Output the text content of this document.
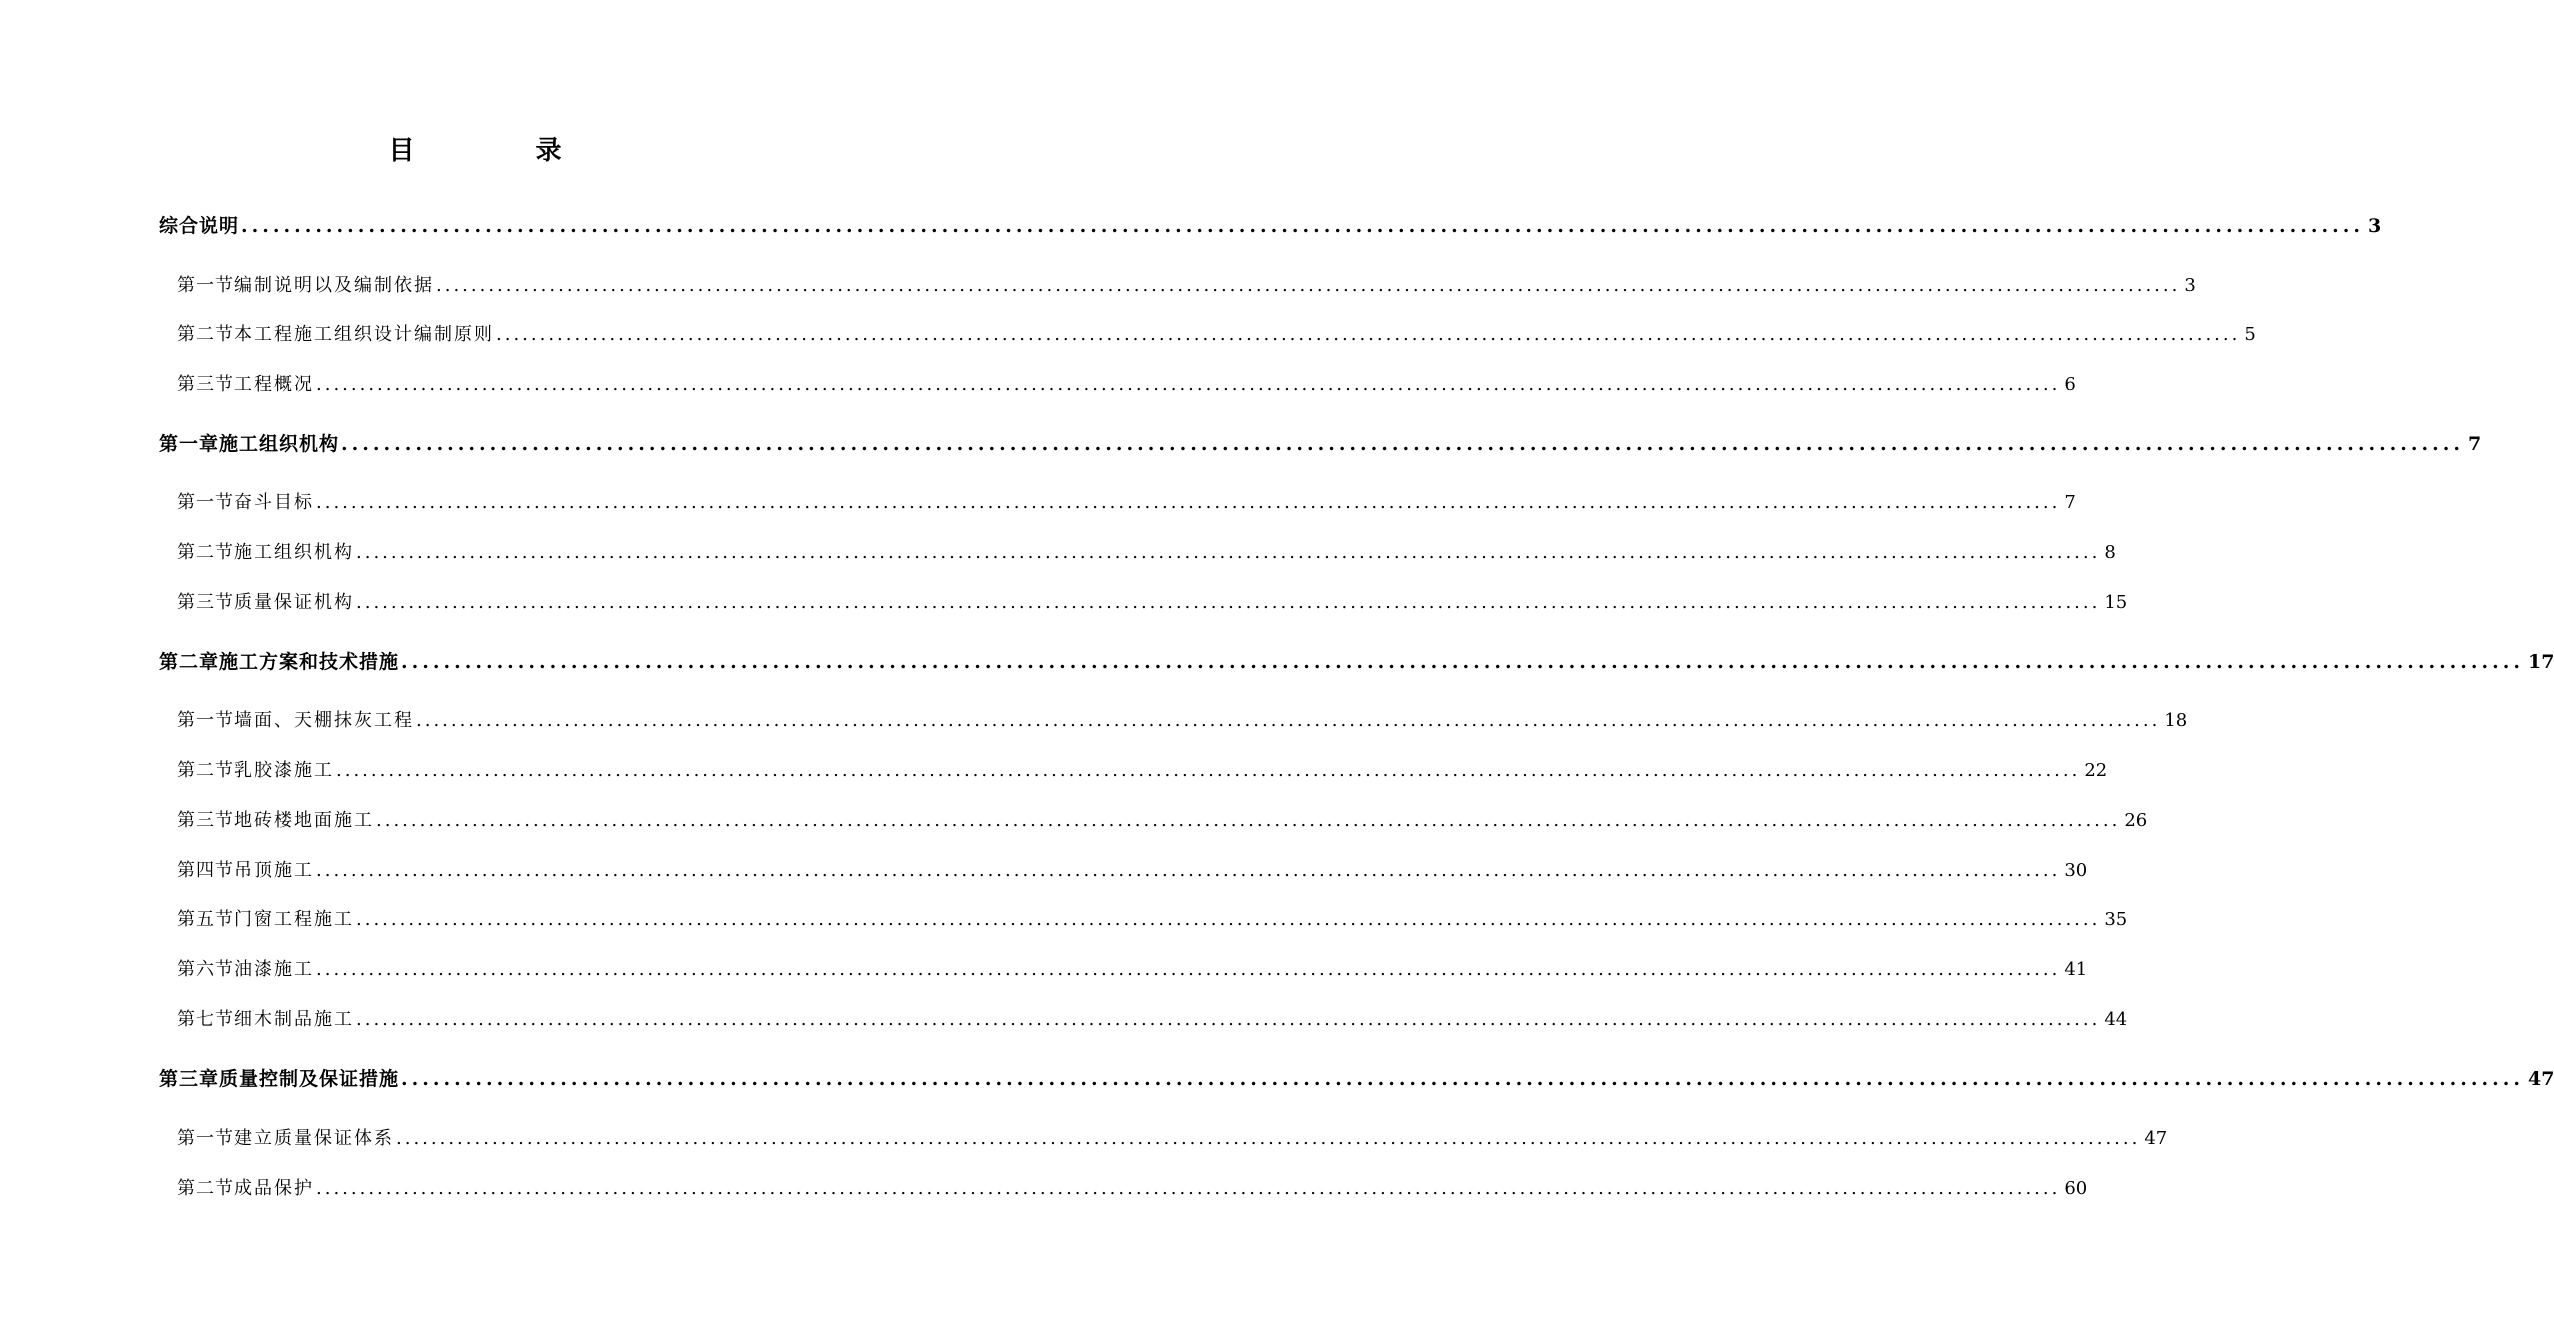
目 录
综合说明 ........................................................................................................................................................................................................ 3
第一节 编制说明以及编制依据 ........................................................................................................................................................................................................ 3
第二节 本工程施工组织设计编制原则 ........................................................................................................................................................................................................ 5
第三节 工程概况 ........................................................................................................................................................................................................ 6
第一章 施工组织机构 ........................................................................................................................................................................................................ 7
第一节 奋斗目标 ........................................................................................................................................................................................................ 7
第二节 施工组织机构 ........................................................................................................................................................................................................ 8
第三节 质量保证机构 ........................................................................................................................................................................................................ 15
第二章 施工方案和技术措施 ........................................................................................................................................................................................................ 17
第一节 墙面、天棚抹灰工程 ........................................................................................................................................................................................................ 18
第二节 乳胶漆施工 ........................................................................................................................................................................................................ 22
第三节 地砖楼地面施工 ........................................................................................................................................................................................................ 26
第四节 吊顶施工 ........................................................................................................................................................................................................ 30
第五节 门窗工程施工 ........................................................................................................................................................................................................ 35
第六节 油漆施工 ........................................................................................................................................................................................................ 41
第七节 细木制品施工 ........................................................................................................................................................................................................ 44
第三章 质量控制及保证措施 ........................................................................................................................................................................................................ 47
第一节 建立质量保证体系 ........................................................................................................................................................................................................ 47
第二节 成品保护 ........................................................................................................................................................................................................ 60
